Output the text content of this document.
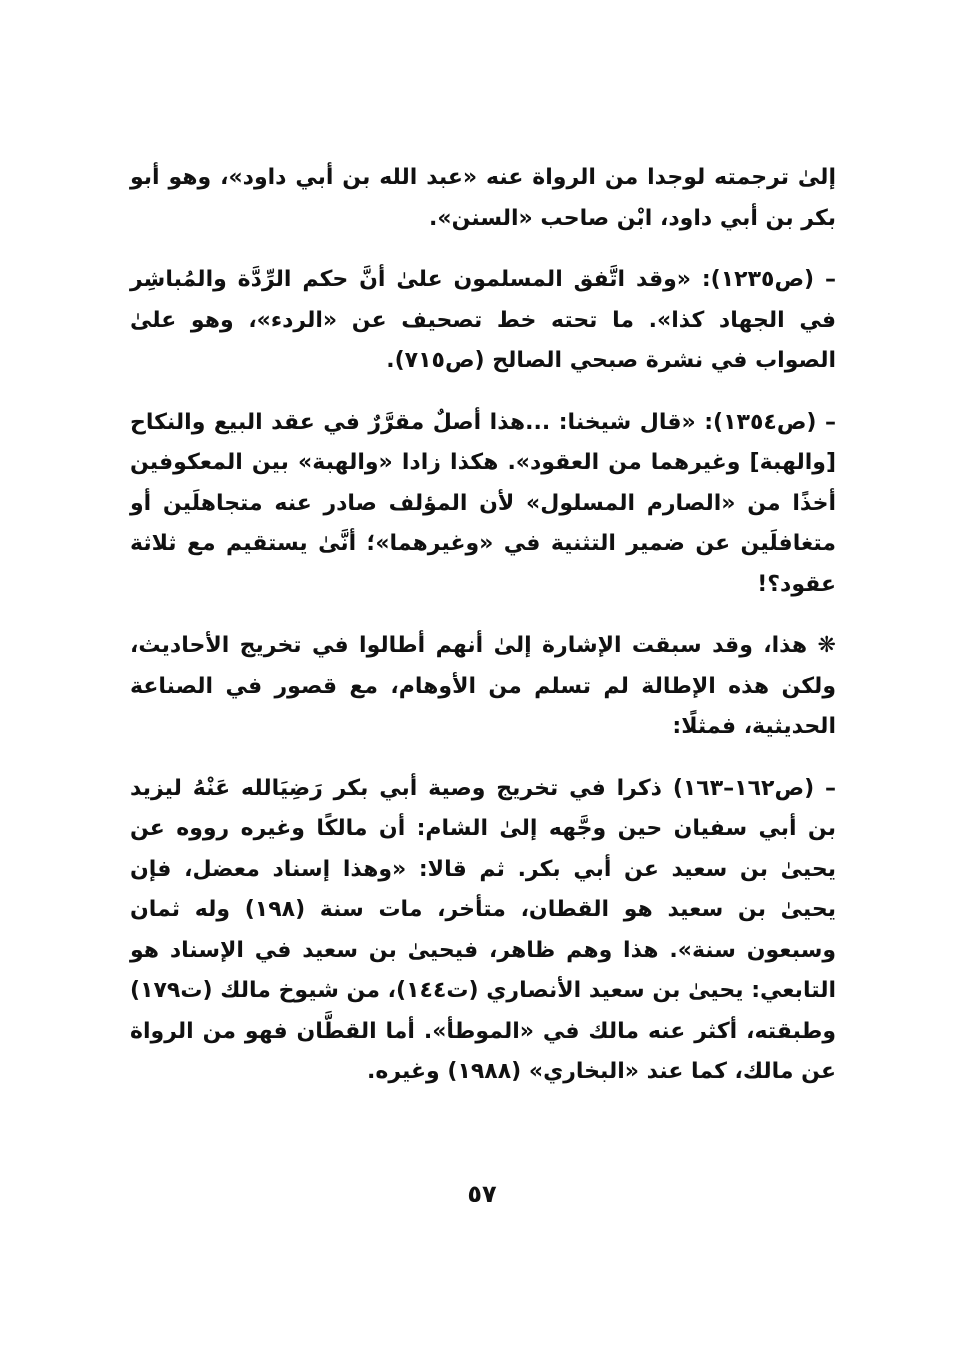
إلىٰ ترجمته لوجدا من الرواة عنه «عبد الله بن أبي داود»، وهو أبو بكر بن أبي داود، ابْن صاحب «السنن».

– (ص١٢٣٥): «وقد اتَّفق المسلمون علىٰ أنَّ حكم الرِّدَّة والمُباشِر في الجهاد كذا». ما تحته خط تصحيف عن «الردء»، وهو علىٰ الصواب في نشرة صبحي الصالح (ص٧١٥).

– (ص١٣٥٤): «قال شيخنا: ...هذا أصلٌ مقرَّرٌ في عقد البيع والنكاح [والهبة] وغيرهما من العقود». هكذا زادا «والهبة» بين المعكوفين أخذًا من «الصارم المسلول» لأن المؤلف صادر عنه متجاهلَين أو متغافلَين عن ضمير التثنية في «وغيرهما»؛ أنَّىٰ يستقيم مع ثلاثة عقود؟!

❋ هذا، وقد سبقت الإشارة إلىٰ أنهم أطالوا في تخريج الأحاديث، ولكن هذه الإطالة لم تسلم من الأوهام، مع قصور في الصناعة الحديثية، فمثلًا:

– (ص١٦٢–١٦٣) ذكرا في تخريج وصية أبي بكر رَضِيَالله عَنْهُ ليزيد بن أبي سفيان حين وجَّهه إلىٰ الشام: أن مالكًا وغيره رووه عن يحيىٰ بن سعيد عن أبي بكر. ثم قالا: «وهذا إسناد معضل، فإن يحيىٰ بن سعيد هو القطان، متأخر، مات سنة (١٩٨) وله ثمان وسبعون سنة». هذا وهم ظاهر، فيحيىٰ بن سعيد في الإسناد هو التابعي: يحيىٰ بن سعيد الأنصاري (ت١٤٤)، من شيوخ مالك (ت١٧٩) وطبقته، أكثر عنه مالك في «الموطأ». أما القطَّان فهو من الرواة عن مالك، كما عند «البخاري» (١٩٨٨) وغيره.

٥٧
